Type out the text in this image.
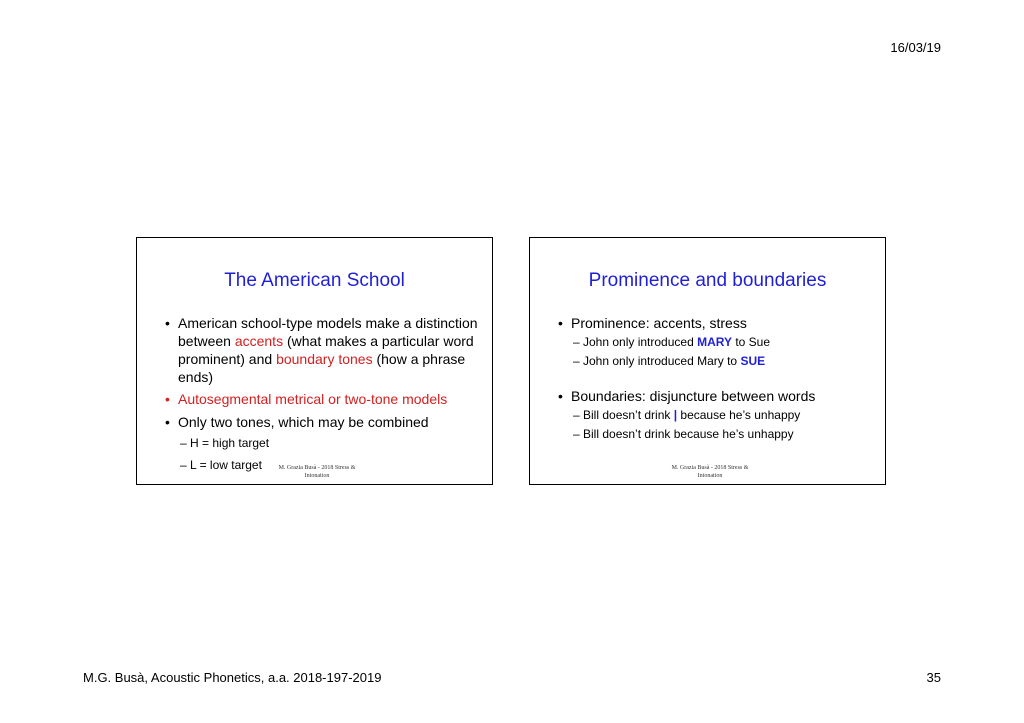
16/03/19
The American School
• American school-type models make a distinction between accents (what makes a particular word prominent) and boundary tones (how a phrase ends)
• Autosegmental metrical or two-tone models
• Only two tones, which may be combined
– H = high target
– L = low target	M. Grazia Busà - 2018 Stress &
Intonation
Prominence and boundaries
• Prominence: accents, stress
– John only introduced MARY to Sue
– John only introduced Mary to SUE
• Boundaries: disjuncture between words
– Bill doesn’t drink | because he’s unhappy
– Bill doesn’t drink because he’s unhappy
M. Grazia Busà - 2018 Stress &
Intonation
M.G. Busà, Acoustic Phonetics, a.a. 2018-197-2019	35
